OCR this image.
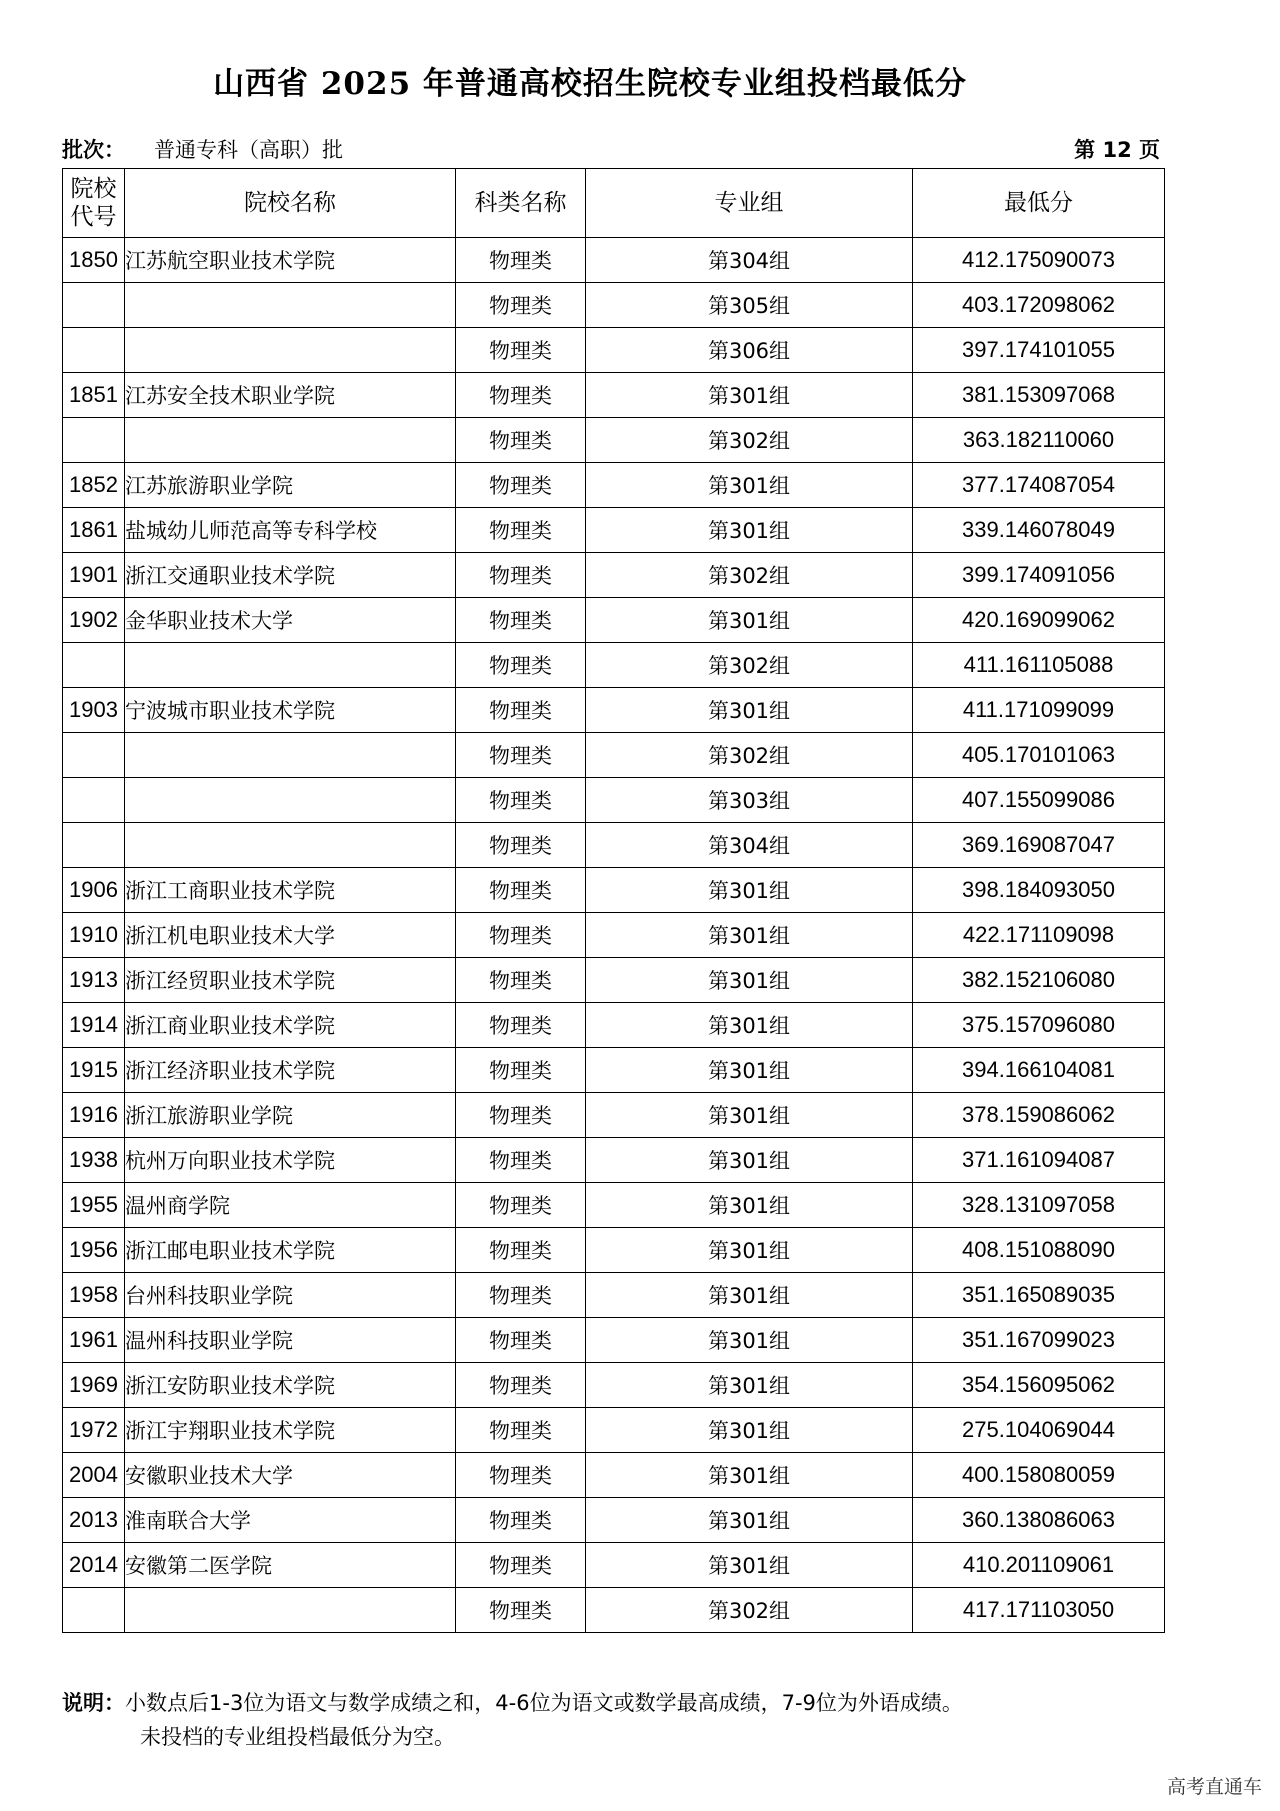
山西省 2025 年普通高校招生院校专业组投档最低分
批次： 普通专科（高职）批	第 12 页
院校代号	院校名称	科类名称	专业组	最低分
1850	江苏航空职业技术学院	物理类	第304组	412.175090073
		物理类	第305组	403.172098062
		物理类	第306组	397.174101055
1851	江苏安全技术职业学院	物理类	第301组	381.153097068
		物理类	第302组	363.182110060
1852	江苏旅游职业学院	物理类	第301组	377.174087054
1861	盐城幼儿师范高等专科学校	物理类	第301组	339.146078049
1901	浙江交通职业技术学院	物理类	第302组	399.174091056
1902	金华职业技术大学	物理类	第301组	420.169099062
		物理类	第302组	411.161105088
1903	宁波城市职业技术学院	物理类	第301组	411.171099099
		物理类	第302组	405.170101063
		物理类	第303组	407.155099086
		物理类	第304组	369.169087047
1906	浙江工商职业技术学院	物理类	第301组	398.184093050
1910	浙江机电职业技术大学	物理类	第301组	422.171109098
1913	浙江经贸职业技术学院	物理类	第301组	382.152106080
1914	浙江商业职业技术学院	物理类	第301组	375.157096080
1915	浙江经济职业技术学院	物理类	第301组	394.166104081
1916	浙江旅游职业学院	物理类	第301组	378.159086062
1938	杭州万向职业技术学院	物理类	第301组	371.161094087
1955	温州商学院	物理类	第301组	328.131097058
1956	浙江邮电职业技术学院	物理类	第301组	408.151088090
1958	台州科技职业学院	物理类	第301组	351.165089035
1961	温州科技职业学院	物理类	第301组	351.167099023
1969	浙江安防职业技术学院	物理类	第301组	354.156095062
1972	浙江宇翔职业技术学院	物理类	第301组	275.104069044
2004	安徽职业技术大学	物理类	第301组	400.158080059
2013	淮南联合大学	物理类	第301组	360.138086063
2014	安徽第二医学院	物理类	第301组	410.201109061
		物理类	第302组	417.171103050
说明：小数点后1-3位为语文与数学成绩之和，4-6位为语文或数学最高成绩，7-9位为外语成绩。
未投档的专业组投档最低分为空。
高考直通车
